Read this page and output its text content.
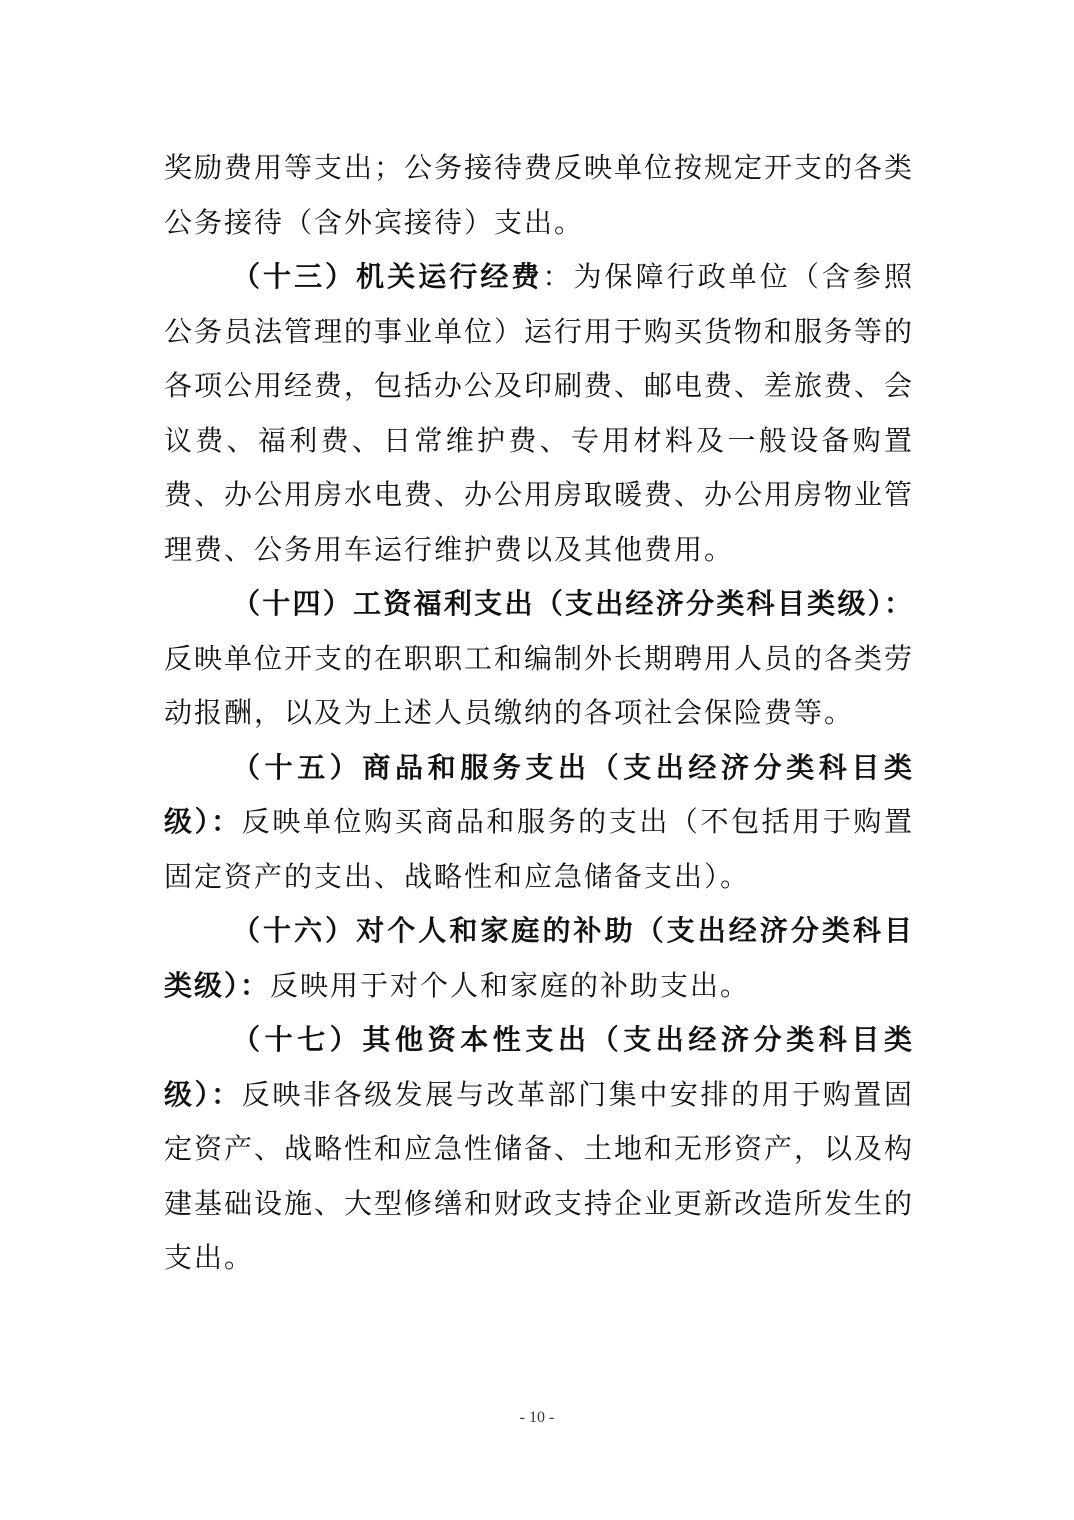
奖励费用等支出；公务接待费反映单位按规定开支的各类公务接待（含外宾接待）支出。

（十三）机关运行经费：为保障行政单位（含参照公务员法管理的事业单位）运行用于购买货物和服务等的各项公用经费，包括办公及印刷费、邮电费、差旅费、会议费、福利费、日常维护费、专用材料及一般设备购置费、办公用房水电费、办公用房取暖费、办公用房物业管理费、公务用车运行维护费以及其他费用。

（十四）工资福利支出（支出经济分类科目类级）：反映单位开支的在职职工和编制外长期聘用人员的各类劳动报酬，以及为上述人员缴纳的各项社会保险费等。

（十五）商品和服务支出（支出经济分类科目类级）：反映单位购买商品和服务的支出（不包括用于购置固定资产的支出、战略性和应急储备支出）。

（十六）对个人和家庭的补助（支出经济分类科目类级）：反映用于对个人和家庭的补助支出。

（十七）其他资本性支出（支出经济分类科目类级）：反映非各级发展与改革部门集中安排的用于购置固定资产、战略性和应急性储备、土地和无形资产，以及构建基础设施、大型修缮和财政支持企业更新改造所发生的支出。

- 10 -
